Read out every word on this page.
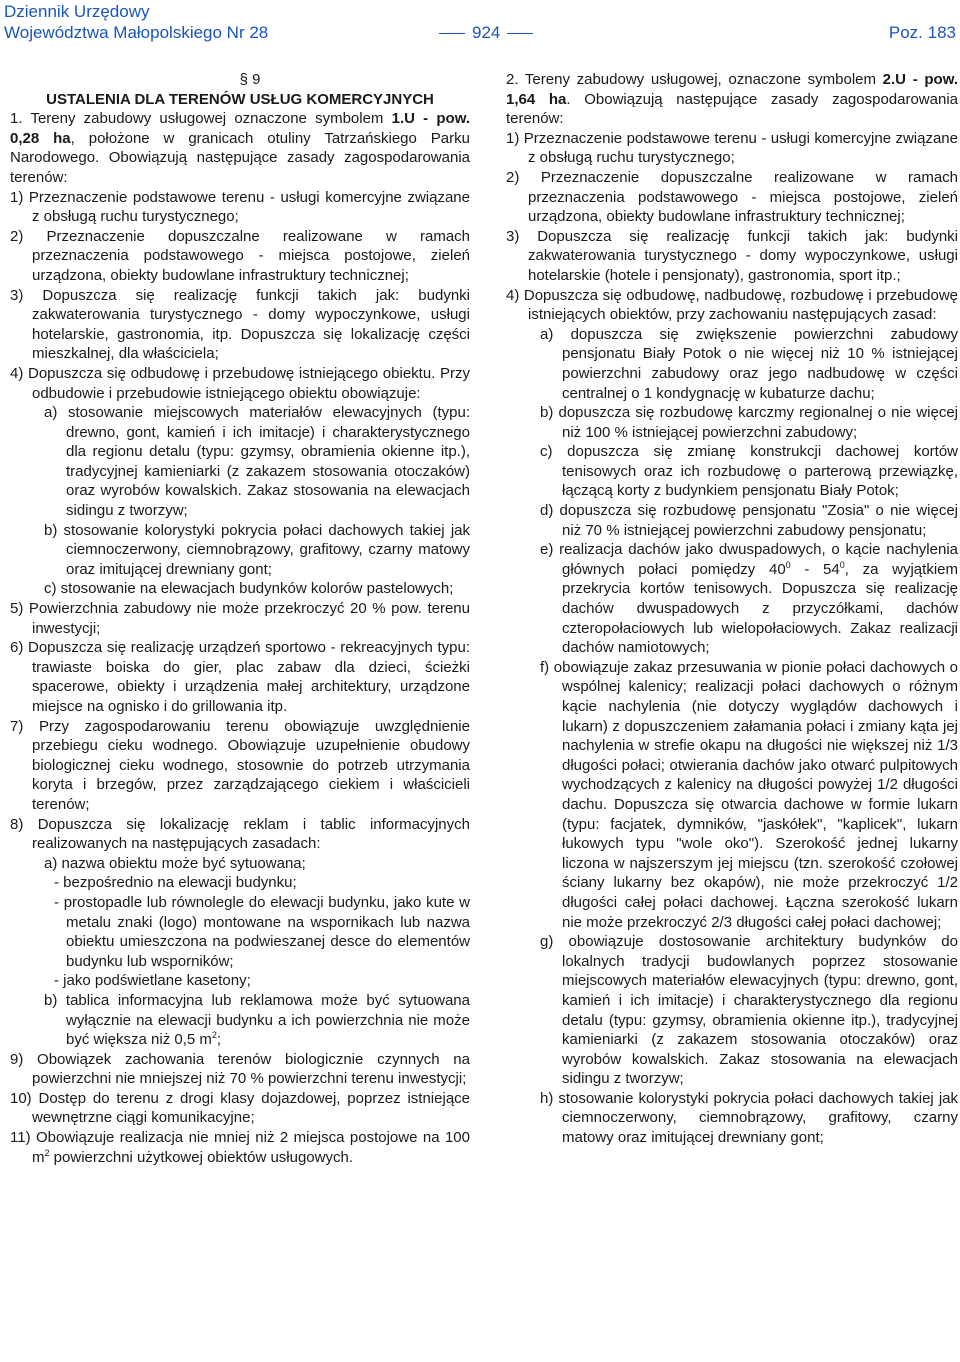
Dziennik Urzędowy
Województwa Małopolskiego Nr 28	924	Poz. 183

§ 9

USTALENIA DLA TERENÓW USŁUG KOMERCYJNYCH

1. Tereny zabudowy usługowej oznaczone symbolem 1.U - pow. 0,28 ha, położone w granicach otuliny Tatrzańskiego Parku Narodowego. Obowiązują następujące zasady zagospodarowania terenów:

1) Przeznaczenie podstawowe terenu - usługi komercyjne związane z obsługą ruchu turystycznego;

2) Przeznaczenie dopuszczalne realizowane w ramach przeznaczenia podstawowego - miejsca postojowe, zieleń urządzona, obiekty budowlane infrastruktury technicznej;

3) Dopuszcza się realizację funkcji takich jak: budynki zakwaterowania turystycznego - domy wypoczynkowe, usługi hotelarskie, gastronomia, itp. Dopuszcza się lokalizację części mieszkalnej, dla właściciela;

4) Dopuszcza się odbudowę i przebudowę istniejącego obiektu. Przy odbudowie i przebudowie istniejącego obiektu obowiązuje:

a) stosowanie miejscowych materiałów elewacyjnych (typu: drewno, gont, kamień i ich imitacje) i charakterystycznego dla regionu detalu (typu: gzymsy, obramienia okienne itp.), tradycyjnej kamieniarki (z zakazem stosowania otoczaków) oraz wyrobów kowalskich. Zakaz stosowania na elewacjach sidingu z tworzyw;

b) stosowanie kolorystyki pokrycia połaci dachowych takiej jak ciemnoczerwony, ciemnobrązowy, grafitowy, czarny matowy oraz imitującej drewniany gont;

c) stosowanie na elewacjach budynków kolorów pastelowych;

5) Powierzchnia zabudowy nie może przekroczyć 20 % pow. terenu inwestycji;

6) Dopuszcza się realizację urządzeń sportowo - rekreacyjnych typu: trawiaste boiska do gier, plac zabaw dla dzieci, ścieżki spacerowe, obiekty i urządzenia małej architektury, urządzone miejsce na ognisko i do grillowania itp.

7) Przy zagospodarowaniu terenu obowiązuje uwzględnienie przebiegu cieku wodnego. Obowiązuje uzupełnienie obudowy biologicznej cieku wodnego, stosownie do potrzeb utrzymania koryta i brzegów, przez zarządzającego ciekiem i właścicieli terenów;

8) Dopuszcza się lokalizację reklam i tablic informacyjnych realizowanych na następujących zasadach:

a) nazwa obiektu może być sytuowana;

- bezpośrednio na elewacji budynku;

- prostopadle lub równolegle do elewacji budynku, jako kute w metalu znaki (logo) montowane na wspornikach lub nazwa obiektu umieszczona na podwieszanej desce do elementów budynku lub wsporników;

- jako podświetlane kasetony;

b) tablica informacyjna lub reklamowa może być sytuowana wyłącznie na elewacji budynku a ich powierzchnia nie może być większa niż 0,5 $m^2$;

9) Obowiązek zachowania terenów biologicznie czynnych na powierzchni nie mniejszej niż 70 % powierzchni terenu inwestycji;

10) Dostęp do terenu z drogi klasy dojazdowej, poprzez istniejące wewnętrzne ciągi komunikacyjne;

11) Obowiązuje realizacja nie mniej niż 2 miejsca postojowe na 100 $m^2$ powierzchni użytkowej obiektów usługowych.

2. Tereny zabudowy usługowej, oznaczone symbolem 2.U - pow. 1,64 ha. Obowiązują następujące zasady zagospodarowania terenów:

1) Przeznaczenie podstawowe terenu - usługi komercyjne związane z obsługą ruchu turystycznego;

2) Przeznaczenie dopuszczalne realizowane w ramach przeznaczenia podstawowego - miejsca postojowe, zieleń urządzona, obiekty budowlane infrastruktury technicznej;

3) Dopuszcza się realizację funkcji takich jak: budynki zakwaterowania turystycznego - domy wypoczynkowe, usługi hotelarskie (hotele i pensjonaty), gastronomia, sport itp.;

4) Dopuszcza się odbudowę, nadbudowę, rozbudowę i przebudowę istniejących obiektów, przy zachowaniu następujących zasad:

a) dopuszcza się zwiększenie powierzchni zabudowy pensjonatu Biały Potok o nie więcej niż 10 % istniejącej powierzchni zabudowy oraz jego nadbudowę w części centralnej o 1 kondygnację w kubaturze dachu;

b) dopuszcza się rozbudowę karczmy regionalnej o nie więcej niż 100 % istniejącej powierzchni zabudowy;

c) dopuszcza się zmianę konstrukcji dachowej kortów tenisowych oraz ich rozbudowę o parterową przewiązkę, łączącą korty z budynkiem pensjonatu Biały Potok;

d) dopuszcza się rozbudowę pensjonatu "Zosia" o nie więcej niż 70 % istniejącej powierzchni zabudowy pensjonatu;

e) realizacja dachów jako dwuspadowych, o kącie nachylenia głównych połaci pomiędzy $40^0 - 54^0$, za wyjątkiem przekrycia kortów tenisowych. Dopuszcza się realizację dachów dwuspadowych z przyczółkami, dachów czteropołaciowych lub wielopołaciowych. Zakaz realizacji dachów namiotowych;

f) obowiązuje zakaz przesuwania w pionie połaci dachowych o wspólnej kalenicy; realizacji połaci dachowych o różnym kącie nachylenia (nie dotyczy wyglądów dachowych i lukarn) z dopuszczeniem załamania połaci i zmiany kąta jej nachylenia w strefie okapu na długości nie większej niż 1/3 długości połaci; otwierania dachów jako otwarć pulpitowych wychodzących z kalenicy na długości powyżej 1/2 długości dachu. Dopuszcza się otwarcia dachowe w formie lukarn (typu: facjatek, dymników, "jaskółek", "kaplicek", lukarn łukowych typu "wole oko"). Szerokość jednej lukarny liczona w najszerszym jej miejscu (tzn. szerokość czołowej ściany lukarny bez okapów), nie może przekroczyć 1/2 długości całej połaci dachowej. Łączna szerokość lukarn nie może przekroczyć 2/3 długości całej połaci dachowej;

g) obowiązuje dostosowanie architektury budynków do lokalnych tradycji budowlanych poprzez stosowanie miejscowych materiałów elewacyjnych (typu: drewno, gont, kamień i ich imitacje) i charakterystycznego dla regionu detalu (typu: gzymsy, obramienia okienne itp.), tradycyjnej kamieniarki (z zakazem stosowania otoczaków) oraz wyrobów kowalskich. Zakaz stosowania na elewacjach sidingu z tworzyw;

h) stosowanie kolorystyki pokrycia połaci dachowych takiej jak ciemnoczerwony, ciemnobrązowy, grafitowy, czarny matowy oraz imitującej drewniany gont;
